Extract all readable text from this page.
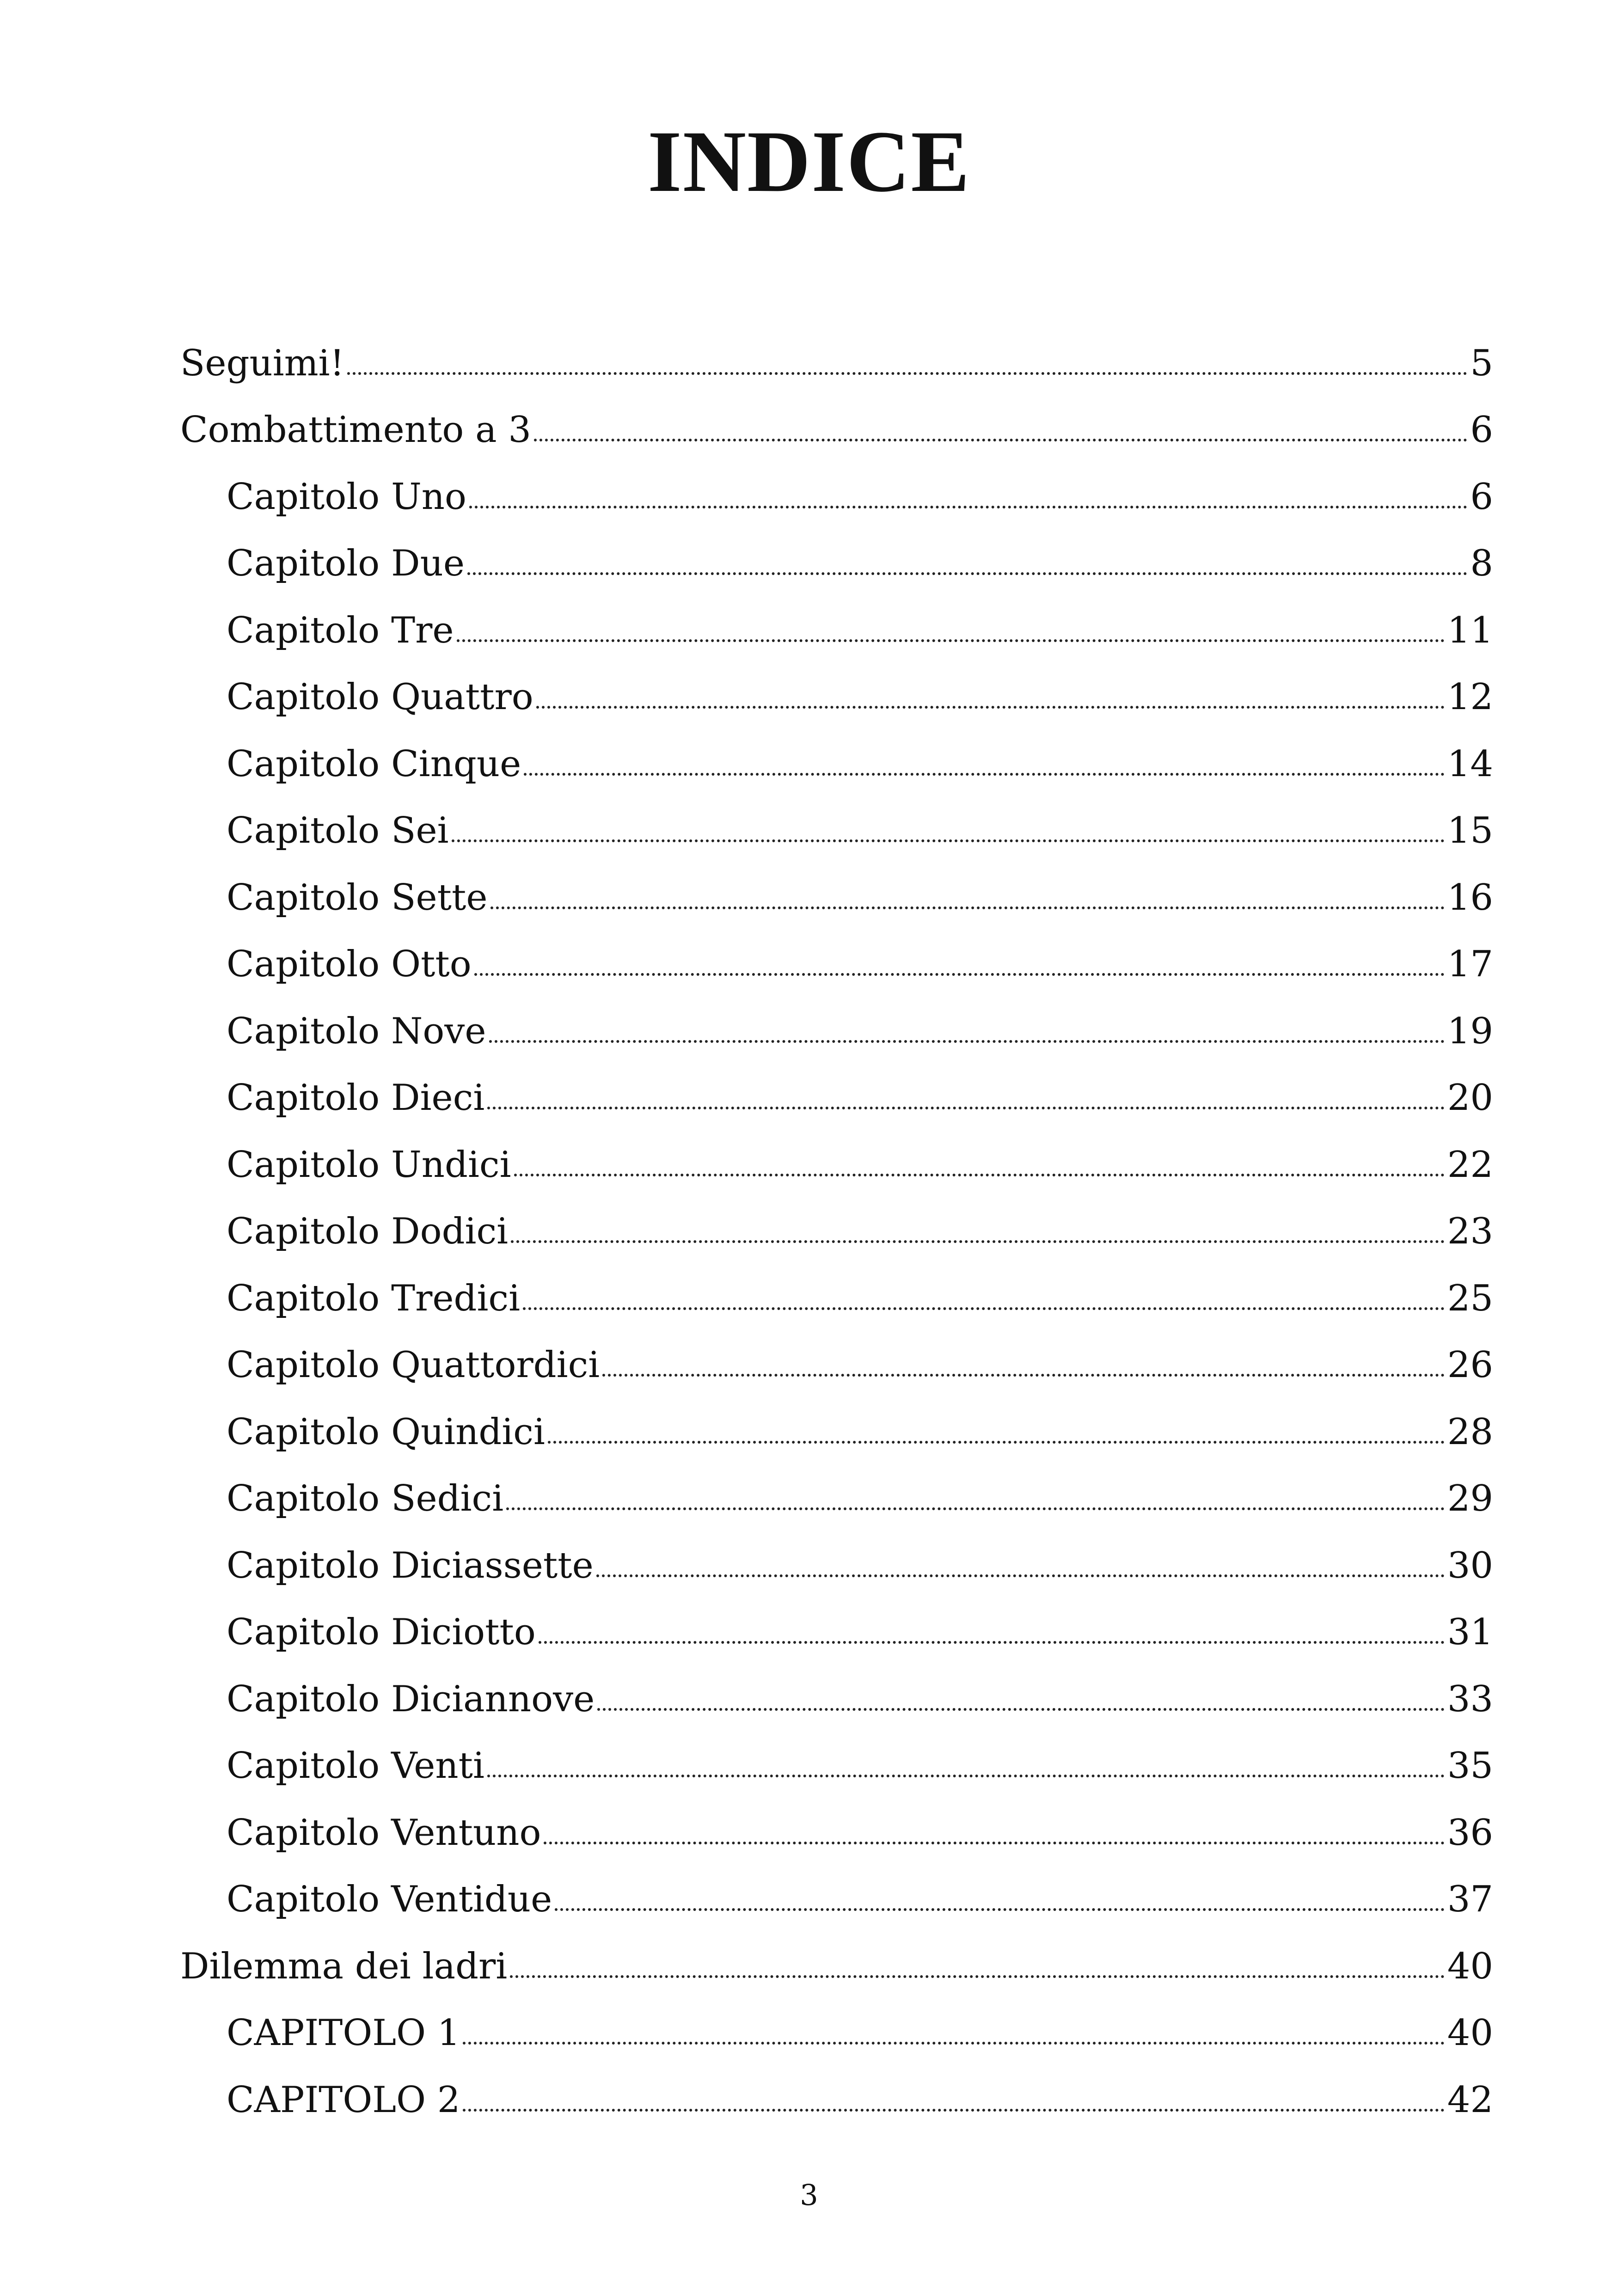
INDICE
Seguimi!	5
Combattimento a 3	6
Capitolo Uno	6
Capitolo Due	8
Capitolo Tre	11
Capitolo Quattro	12
Capitolo Cinque	14
Capitolo Sei	15
Capitolo Sette	16
Capitolo Otto	17
Capitolo Nove	19
Capitolo Dieci	20
Capitolo Undici	22
Capitolo Dodici	23
Capitolo Tredici	25
Capitolo Quattordici	26
Capitolo Quindici	28
Capitolo Sedici	29
Capitolo Diciassette	30
Capitolo Diciotto	31
Capitolo Diciannove	33
Capitolo Venti	35
Capitolo Ventuno	36
Capitolo Ventidue	37
Dilemma dei ladri	40
CAPITOLO 1	40
CAPITOLO 2	42
3
